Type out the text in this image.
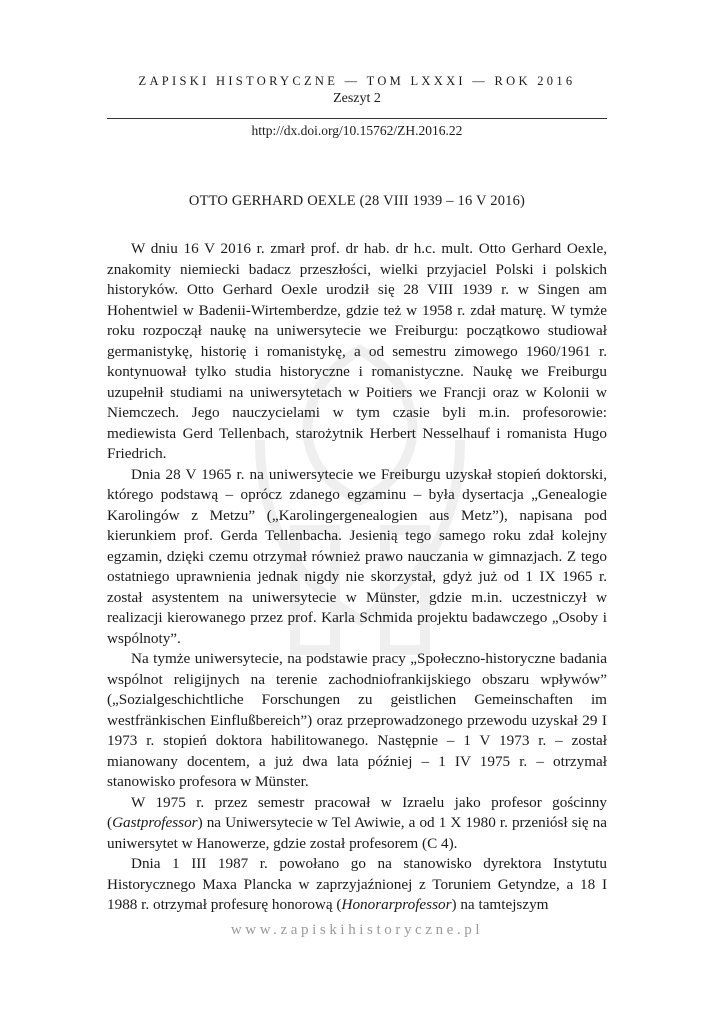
ZAPISKI HISTORYCZNE — TOM LXXXI — ROK 2016
Zeszyt 2
http://dx.doi.org/10.15762/ZH.2016.22
OTTO GERHARD OEXLE (28 VIII 1939 – 16 V 2016)

W dniu 16 V 2016 r. zmarł prof. dr hab. dr h.c. mult. Otto Gerhard Oexle, znakomity niemiecki badacz przeszłości, wielki przyjaciel Polski i polskich historyków. Otto Gerhard Oexle urodził się 28 VIII 1939 r. w Singen am Hohentwiel w Badenii-Wirtemberdze, gdzie też w 1958 r. zdał maturę. W tymże roku rozpoczął naukę na uniwersytecie we Freiburgu: początkowo studiował germanistykę, historię i romanistykę, a od semestru zimowego 1960/1961 r. kontynuował tylko studia historyczne i romanistyczne. Naukę we Freiburgu uzupełnił studiami na uniwersytetach w Poitiers we Francji oraz w Kolonii w Niemczech. Jego nauczycielami w tym czasie byli m.in. profesorowie: mediewista Gerd Tellenbach, starożytnik Herbert Nesselhauf i romanista Hugo Friedrich.

Dnia 28 V 1965 r. na uniwersytecie we Freiburgu uzyskał stopień doktorski, którego podstawą – oprócz zdanego egzaminu – była dysertacja „Genealogie Karolingów z Metzu” („Karolingergenealogien aus Metz”), napisana pod kierunkiem prof. Gerda Tellenbacha. Jesienią tego samego roku zdał kolejny egzamin, dzięki czemu otrzymał również prawo nauczania w gimnazjach. Z tego ostatniego uprawnienia jednak nigdy nie skorzystał, gdyż już od 1 IX 1965 r. został asystentem na uniwersytecie w Münster, gdzie m.in. uczestniczył w realizacji kierowanego przez prof. Karla Schmida projektu badawczego „Osoby i wspólnoty”.

Na tymże uniwersytecie, na podstawie pracy „Społeczno-historyczne badania wspólnot religijnych na terenie zachodniofrankijskiego obszaru wpływów” („Sozialgeschichtliche Forschungen zu geistlichen Gemeinschaften im westfränkischen Einflußbereich”) oraz przeprowadzonego przewodu uzyskał 29 I 1973 r. stopień doktora habilitowanego. Następnie – 1 V 1973 r. – został mianowany docentem, a już dwa lata później – 1 IV 1975 r. – otrzymał stanowisko profesora w Münster.

W 1975 r. przez semestr pracował w Izraelu jako profesor gościnny (Gastprofessor) na Uniwersytecie w Tel Awiwie, a od 1 X 1980 r. przeniósł się na uniwersytet w Hanowerze, gdzie został profesorem (C 4).

Dnia 1 III 1987 r. powołano go na stanowisko dyrektora Instytutu Historycznego Maxa Plancka w zaprzyjaźnionej z Toruniem Getyndze, a 18 I 1988 r. otrzymał profesurę honorową (Honorarprofessor) na tamtejszym

www.zapiskihistoryczne.pl
